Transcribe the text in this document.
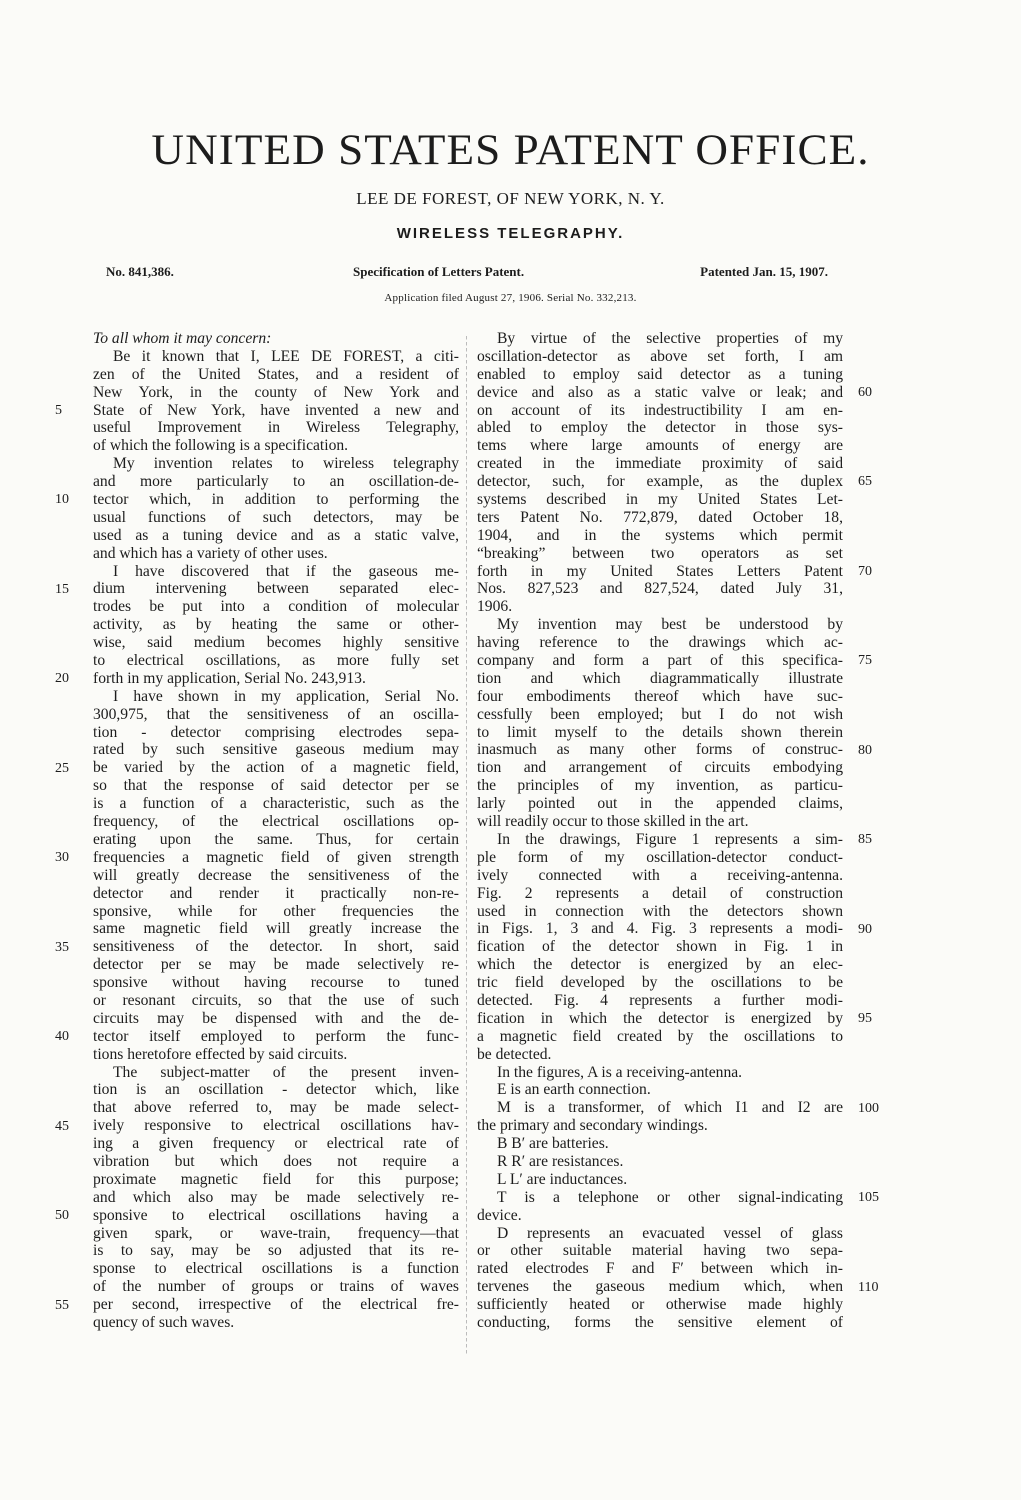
UNITED STATES PATENT OFFICE.
LEE DE FOREST, OF NEW YORK, N. Y.
WIRELESS TELEGRAPHY.
No. 841,386.	Specification of Letters Patent.	Patented Jan. 15, 1907.
Application filed August 27, 1906. Serial No. 332,213.
To all whom it may concern:
Be it known that I, LEE DE FOREST, a citi-
zen of the United States, and a resident of
New York, in the county of New York and
State of New York, have invented a new and
useful Improvement in Wireless Telegraphy,
of which the following is a specification.
My invention relates to wireless telegraphy
and more particularly to an oscillation-de-
tector which, in addition to performing the
usual functions of such detectors, may be
used as a tuning device and as a static valve,
and which has a variety of other uses.
I have discovered that if the gaseous me-
dium intervening between separated elec-
trodes be put into a condition of molecular
activity, as by heating the same or other-
wise, said medium becomes highly sensitive
to electrical oscillations, as more fully set
forth in my application, Serial No. 243,913.
I have shown in my application, Serial No.
300,975, that the sensitiveness of an oscilla-
tion - detector comprising electrodes sepa-
rated by such sensitive gaseous medium may
be varied by the action of a magnetic field,
so that the response of said detector per se
is a function of a characteristic, such as the
frequency, of the electrical oscillations op-
erating upon the same. Thus, for certain
frequencies a magnetic field of given strength
will greatly decrease the sensitiveness of the
detector and render it practically non-re-
sponsive, while for other frequencies the
same magnetic field will greatly increase the
sensitiveness of the detector. In short, said
detector per se may be made selectively re-
sponsive without having recourse to tuned
or resonant circuits, so that the use of such
circuits may be dispensed with and the de-
tector itself employed to perform the func-
tions heretofore effected by said circuits.
The subject-matter of the present inven-
tion is an oscillation - detector which, like
that above referred to, may be made select-
ively responsive to electrical oscillations hav-
ing a given frequency or electrical rate of
vibration but which does not require a
proximate magnetic field for this purpose;
and which also may be made selectively re-
sponsive to electrical oscillations having a
given spark, or wave-train, frequency—that
is to say, may be so adjusted that its re-
sponse to electrical oscillations is a function
of the number of groups or trains of waves
per second, irrespective of the electrical fre-
quency of such waves.
By virtue of the selective properties of my
oscillation-detector as above set forth, I am
enabled to employ said detector as a tuning
device and also as a static valve or leak; and
on account of its indestructibility I am en-
abled to employ the detector in those sys-
tems where large amounts of energy are
created in the immediate proximity of said
detector, such, for example, as the duplex
systems described in my United States Let-
ters Patent No. 772,879, dated October 18,
1904, and in the systems which permit
“breaking” between two operators as set
forth in my United States Letters Patent
Nos. 827,523 and 827,524, dated July 31,
1906.
My invention may best be understood by
having reference to the drawings which ac-
company and form a part of this specifica-
tion and which diagrammatically illustrate
four embodiments thereof which have suc-
cessfully been employed; but I do not wish
to limit myself to the details shown therein
inasmuch as many other forms of construc-
tion and arrangement of circuits embodying
the principles of my invention, as particu-
larly pointed out in the appended claims,
will readily occur to those skilled in the art.
In the drawings, Figure 1 represents a sim-
ple form of my oscillation-detector conduct-
ively connected with a receiving-antenna.
Fig. 2 represents a detail of construction
used in connection with the detectors shown
in Figs. 1, 3 and 4. Fig. 3 represents a modi-
fication of the detector shown in Fig. 1 in
which the detector is energized by an elec-
tric field developed by the oscillations to be
detected. Fig. 4 represents a further modi-
fication in which the detector is energized by
a magnetic field created by the oscillations to
be detected.
In the figures, A is a receiving-antenna.
E is an earth connection.
M is a transformer, of which I1 and I2 are
the primary and secondary windings.
B B′ are batteries.
R R′ are resistances.
L L′ are inductances.
T is a telephone or other signal-indicating
device.
D represents an evacuated vessel of glass
or other suitable material having two sepa-
rated electrodes F and F′ between which in-
tervenes the gaseous medium which, when
sufficiently heated or otherwise made highly
conducting, forms the sensitive element of
5
10
15
20
25
30
35
40
45
50
55
60
65
70
75
80
85
90
95
100
105
110
